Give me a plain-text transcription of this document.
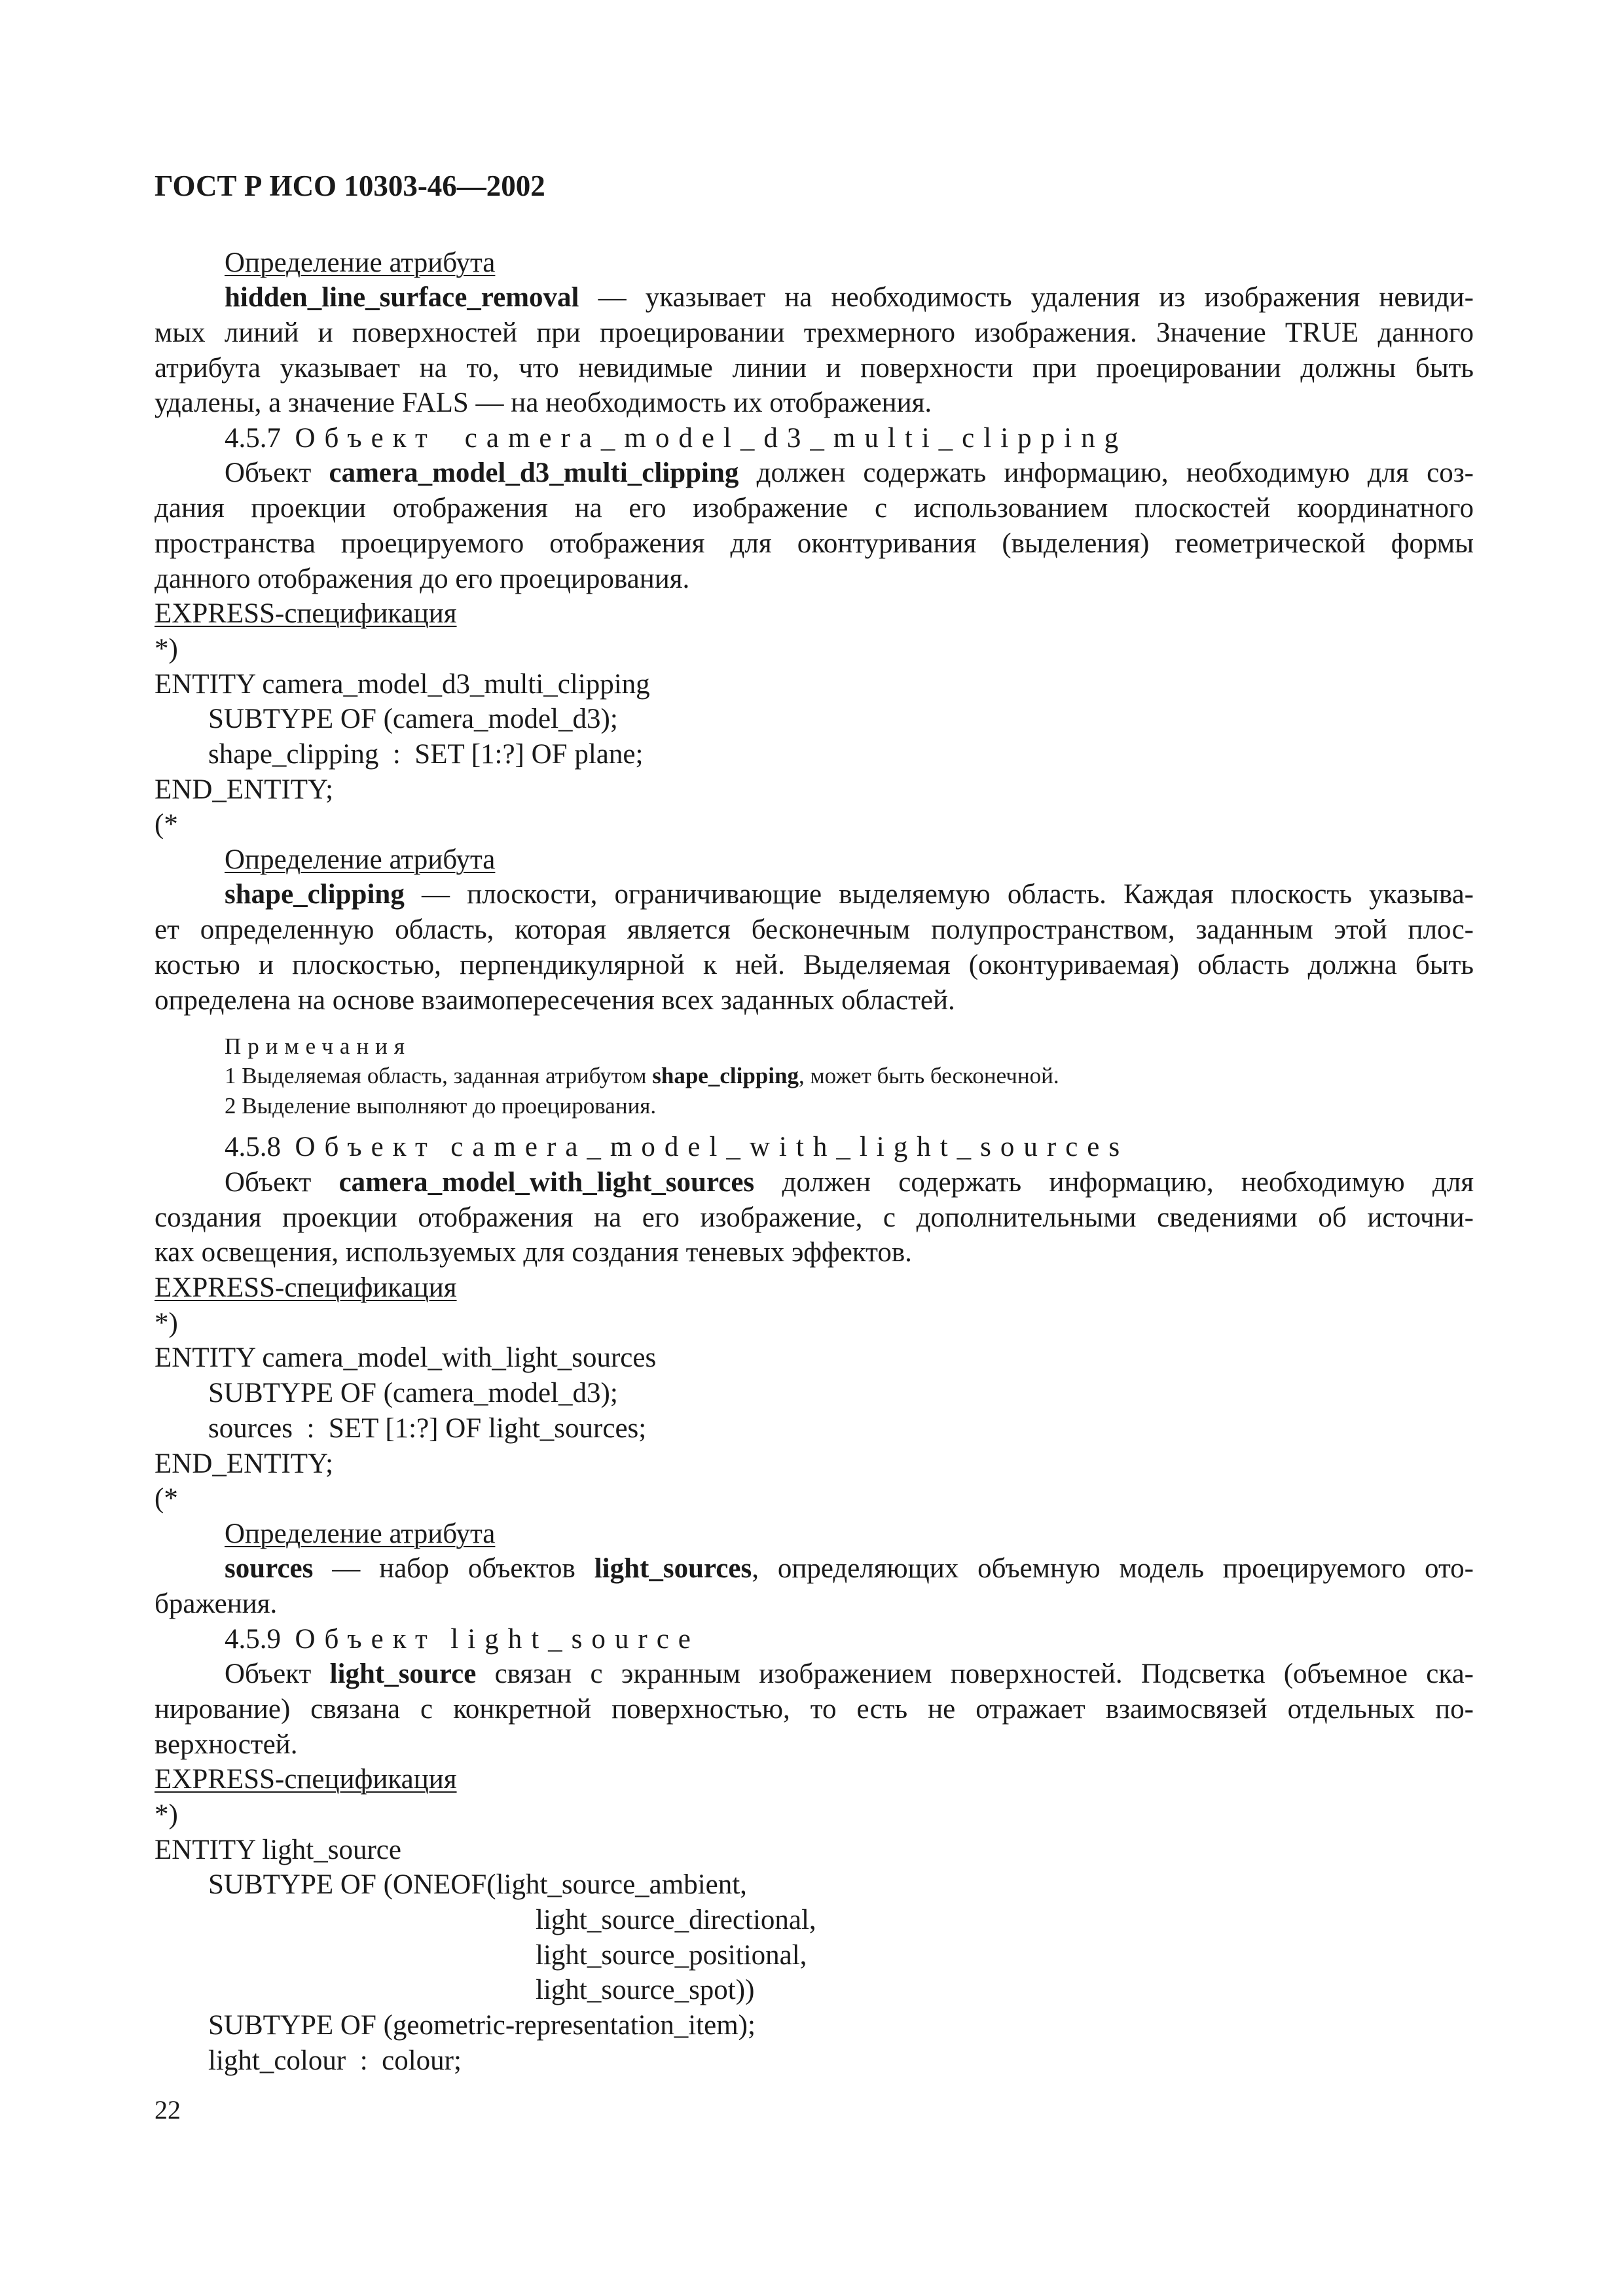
ГОСТ Р ИСО 10303-46—2002
Определение атрибута
hidden_line_surface_removal — указывает на необходимость удаления из изображения невиди-
мых линий и поверхностей при проецировании трехмерного изображения. Значение TRUE данного
атрибута указывает на то, что невидимые линии и поверхности при проецировании должны быть
удалены, а значение FALS — на необходимость их отображения.
4.5.7 Объект camera_model_d3_multi_clipping
Объект camera_model_d3_multi_clipping должен содержать информацию, необходимую для соз-
дания проекции отображения на его изображение с использованием плоскостей координатного
пространства проецируемого отображения для оконтуривания (выделения) геометрической формы
данного отображения до его проецирования.
EXPRESS-спецификация
*)
ENTITY camera_model_d3_multi_clipping
SUBTYPE OF (camera_model_d3);
shape_clipping  :  SET [1:?] OF plane;
END_ENTITY;
(*
Определение атрибута
shape_clipping — плоскости, ограничивающие выделяемую область. Каждая плоскость указыва-
ет определенную область, которая является бесконечным полупространством, заданным этой плос-
костью и плоскостью, перпендикулярной к ней. Выделяемая (оконтуриваемая) область должна быть
определена на основе взаимопересечения всех заданных областей.
Примечания
1 Выделяемая область, заданная атрибутом shape_clipping, может быть бесконечной.
2 Выделение выполняют до проецирования.
4.5.8 Объект camera_model_with_light_sources
Объект camera_model_with_light_sources должен содержать информацию, необходимую для
создания проекции отображения на его изображение, с дополнительными сведениями об источни-
ках освещения, используемых для создания теневых эффектов.
EXPRESS-спецификация
*)
ENTITY camera_model_with_light_sources
SUBTYPE OF (camera_model_d3);
sources  :  SET [1:?] OF light_sources;
END_ENTITY;
(*
Определение атрибута
sources — набор объектов light_sources, определяющих объемную модель проецируемого ото-
бражения.
4.5.9 Объект light_source
Объект light_source связан с экранным изображением поверхностей. Подсветка (объемное ска-
нирование) связана с конкретной поверхностью, то есть не отражает взаимосвязей отдельных по-
верхностей.
EXPRESS-спецификация
*)
ENTITY light_source
SUBTYPE OF (ONEOF(light_source_ambient,
light_source_directional,
light_source_positional,
light_source_spot))
SUBTYPE OF (geometric-representation_item);
light_colour  :  colour;
22
